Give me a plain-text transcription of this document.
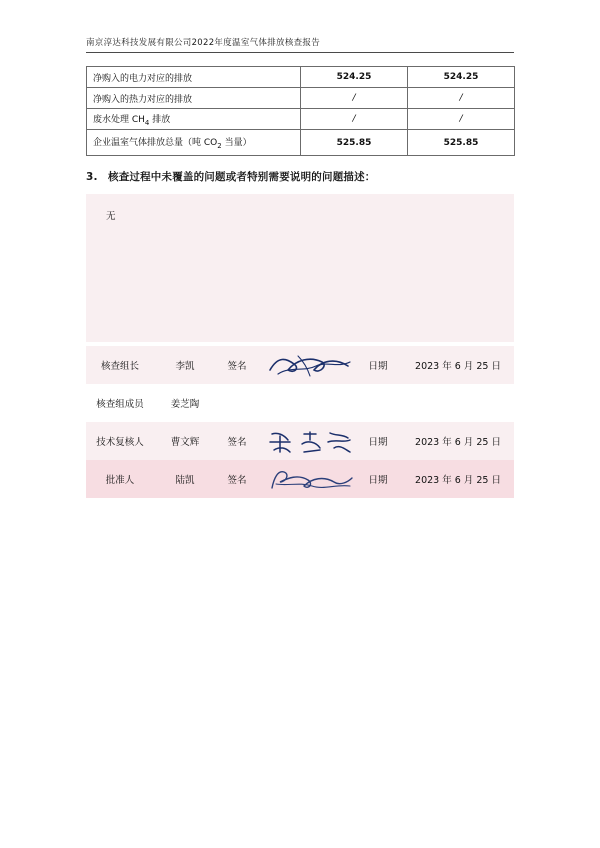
南京淳达科技发展有限公司2022年度温室气体排放核查报告
净购入的电力对应的排放	524.25	524.25
净购入的热力对应的排放	/	/
废水处理 $CH_4$ 排放	/	/
企业温室气体排放总量（吨 $CO_2$ 当量）	525.85	525.85
3. 核查过程中未覆盖的问题或者特别需要说明的问题描述：
无
核查组长	李凯	签名		日期	2023 年 6 月 25 日
核查组成员	姜芝陶				
技术复核人	曹文辉	签名		日期	2023 年 6 月 25 日
批准人	陆凯	签名		日期	2023 年 6 月 25 日
